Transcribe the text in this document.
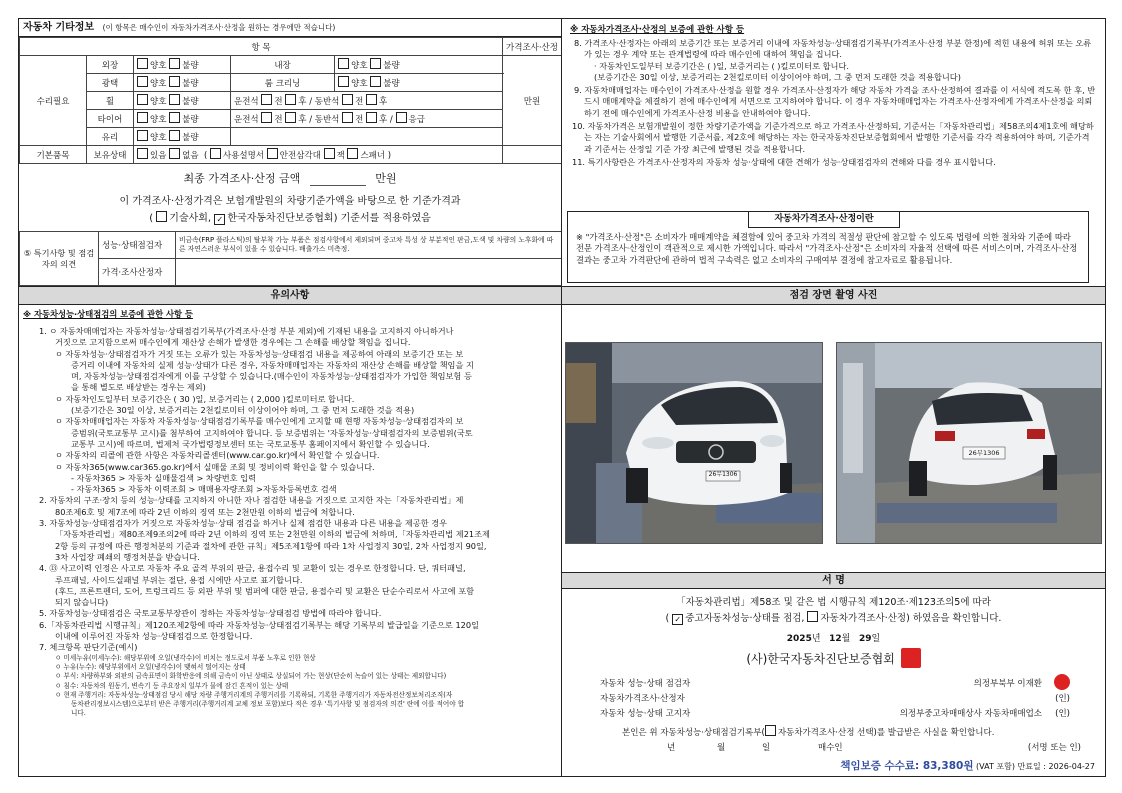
자동차 기타정보 (이 항목은 매수인이 자동차가격조사·산정을 원하는 경우에만 적습니다)
항 목					가격조사·산정
수리필요	외장	양호 불량	내장	양호 불량	만원
	광택	양호 불량	룸 크리닝	양호 불량	
	휠	양호 불량	운전석 전 후 / 동반석 전 후		
	타이어	양호 불량	운전석 전 후 / 동반석 전 후 / 응급		
	유리	양호 불량			
기본품목	보유상태	있음 없음  ( 사용설명서 안전삼각대 잭 스패너 )			
최종 가격조사·산정 금액	만원
이 가격조사·산정가격은 보험개발원의 차량기준가액을 바탕으로 한 기준가격과
( 기술사회, ✓ 한국자동차진단보증협회) 기준서를 적용하였음
⑤ 특기사항 및 점검자의 의견	성능·상태점검자	비금속(FRP 플라스틱)의 탈부착 가능 부품은 점검사항에서 제외되며 중고차 특성 상 부분적인 판금,도색 및 차량의 노후화에 따른 자연스러운 부식이 있을 수 있습니다. 배출가스 미측정.
	가격·조사산정자	
※ 자동차가격조사·산정의 보증에 관한 사항 등

8. 가격조사·산정자는 아래의 보증기간 또는 보증거리 이내에 자동차성능·상태점검기록부(가격조사·산정 부분 한정)에 적힌 내용에 허위 또는 오류가 있는 경우 계약 또는 관계법령에 따라 매수인에 대하여 책임을 집니다.

· 자동차인도일부터 보증기간은 ( )일, 보증거리는 ( )킬로미터로 합니다.

(보증기간은 30일 이상, 보증거리는 2천킬로미터 이상이어야 하며, 그 중 먼저 도래한 것을 적용합니다)

9. 자동차매매업자는 매수인이 가격조사·산정을 원할 경우 가격조사·산정자가 해당 자동차 가격을 조사·산정하여 결과를 이 서식에 적도록 한 후, 반드시 매매계약을 체결하기 전에 매수인에게 서면으로 고지하여야 합니다. 이 경우 자동차매매업자는 가격조사·산정자에게 가격조사·산정을 의뢰하기 전에 매수인에게 가격조사·산정 비용을 안내하여야 합니다.

10. 자동차가격은 보험개발원이 정한 차량기준가액을 기준가격으로 하고 가격조사·산정하되, 기준서는「자동차관리법」제58조의4제1호에 해당하는 자는 기술사회에서 발행한 기준서를, 제2호에 해당하는 자는 한국자동차진단보증협회에서 발행한 기준서를 각각 적용하여야 하며, 기준가격과 기준서는 산정일 기준 가장 최근에 발행된 것을 적용합니다.

11. 특기사항란은 가격조사·산정자의 자동차 성능·상태에 대한 견해가 성능·상태점검자의 견해와 다를 경우 표시합니다.

자동차가격조사·산정이란

※ "가격조사·산정"은 소비자가 매매계약을 체결함에 있어 중고차 가격의 적절성 판단에 참고할 수 있도록 법령에 의한 절차와 기준에 따라 전문 가격조사·산정인이 객관적으로 제시한 가액입니다. 따라서 "가격조사·산정"은 소비자의 자율적 선택에 따른 서비스이며, 가격조사·산정 결과는 중고차 가격판단에 관하여 법적 구속력은 없고 소비자의 구매여부 결정에 참고자료로 활용됩니다.

유의사항
※ 자동차성능·상태점검의 보증에 관한 사항 등

1. ㅇ 자동차매매업자는 자동차성능·상태점검기록부(가격조사·산정 부분 제외)에 기재된 내용을 고지하지 아니하거나

거짓으로 고지함으로써 매수인에게 재산상 손해가 발생한 경우에는 그 손해를 배상할 책임을 집니다.

ㅇ 자동차성능·상태점검자가 거짓 또는 오류가 있는 자동차성능·상태점검 내용을 제공하여 아래의 보증기간 또는 보

증거리 이내에 자동차의 실제 성능·상태가 다른 경우, 자동차매매업자는 자동차의 재산상 손해를 배상할 책임을 지

며, 자동차성능·상태점검자에게 이를 구상할 수 있습니다.(매수인이 자동차성능·상태점검자가 가입한 책임보험 등

을 통해 별도로 배상받는 경우는 제외)

ㅇ 자동차인도일부터 보증기간은 ( 30 )일, 보증거리는 ( 2,000 )킬로미터로 합니다.

(보증기간은 30일 이상, 보증거리는 2천킬로미터 이상이어야 하며, 그 중 먼저 도래한 것을 적용)

ㅇ 자동차매매업자는 자동차 자동차성능·상태점검기록부를 매수인에게 고지할 때 현행 자동차성능·상태점검자의 보

증범위(국토교통부 고시)를 첨부하여 고지하여야 합니다. 등 보증범위는 '자동차성능·상태점검자의 보증범위(국토

교통부 고시)에 따르며, 법제처 국가법령정보센터 또는 국토교통부 홈페이지에서 확인할 수 있습니다.

ㅇ 자동차의 리콜에 관한 사항은 자동차리콜센터(www.car.go.kr)에서 확인할 수 있습니다.

ㅇ 자동차365(www.car365.go.kr)에서 실매물 조회 및 정비이력 확인을 할 수 있습니다.

- 자동차365 > 자동차 실매물검색 > 차량번호 입력

- 자동차365 > 자동차 이력조회 > 매매용자량조회 >자동차등록번호 검색

2. 자동차의 구조·장치 등의 성능·상태를 고지하지 아니한 자나 점검한 내용을 거짓으로 고지한 자는「자동차관리법」제

80조제6호 및 제7조에 따라 2년 이하의 징역 또는 2천만원 이하의 벌금에 처합니다.

3. 자동차성능·상태점검자가 거짓으로 자동차성능·상태 점검을 하거나 실제 점검한 내용과 다른 내용을 제공한 경우

「자동차관리법」제80조제9조의2에 따라 2년 이하의 징역 또는 2천만원 이하의 벌금에 처하며,「자동차관리법 제21조제

2항 등의 규정에 따른 행정처분의 기준과 절차에 관한 규칙」제5조제1항에 따라 1차 사업정지 30일, 2차 사업정지 90일,

3차 사업장 폐쇄의 행정처분을 받습니다.

4. ⑬ 사고이력 인정은 사고로 자동차 주요 골격 부위의 판금, 용접수리 및 교환이 있는 경우로 한정합니다. 단, 쿼터패널,

루프패널, 사이드실패널 부위는 절단, 용접 시에만 사고로 표기합니다.

(후드, 프론트펜더, 도어, 트렁크리드 등 외판 부위 및 범퍼에 대한 판금, 용접수리 및 교환은 단순수리로서 사고에 포함

되지 않습니다)

5. 자동차성능·상태점검은 국토교통부장관이 정하는 자동차성능·상태점검 방법에 따라야 합니다.

6.「자동차관리법 시행규칙」제120조제2항에 따라 자동차성능·상태점검기록부는 해당 기록부의 발급일을 기준으로 120일

이내에 이루어진 자동차 성능·상태점검으로 한정합니다.

7. 체크항목 판단기준(예시)

ㅇ 미세누유(미세누수): 해당부위에 오일(냉각수)이 비치는 정도로서 부품 노후로 인한 현상

ㅇ 누유(누수): 해당부위에서 오일(냉각수)이 맺혀서 떨어지는 상태

ㅇ 부식: 차량하부와 외판의 금속표면이 화학반응에 의해 금속이 아닌 상태로 상실되어 가는 현상(단순히 녹슬어 있는 상태는 제외합니다)

ㅇ 침수: 자동차의 원동기, 변속기 등 주요장치 일부가 물에 잠긴 흔적이 있는 상태

ㅇ 현재 주행거리: 자동차성능·상태점검 당시 해당 차량 주행거리계의 주행거리를 기록하되, 기록한 주행거리가 자동차전산정보처리조직(자

동차관리정보시스템)으로부터 받은 주행거리(주행거리계 교체 정보 포함)보다 적은 경우 '특기사항 및 점검자의 의견' 란에 이를 적어야 합

니다.

점검 장면 촬영 사진
26무1306
26무1306
서 명
「자동차관리법」제58조 및 같은 법 시행규칙 제120조·제123조의5에 따라
( ✓ 중고자동차성능·상태를 점검, 자동차가격조사·산정) 하였음을 확인합니다.
2025년 12월 29일
(사)한국자동차진단보증협회
자동차 성능·상태 점검자	의정부북부 이재환
자동차가격조사·산정자	(인)
자동차 성능·상태 고지자	의정부중고차매매상사 자동차매매업소 (인)
본인은 위 자동차성능·상태점검기록부( 자동차가격조사·산정 선택)를 발급받은 사실을 확인합니다.
년	월	일	매수인	(서명 또는 인)
책임보증 수수료: 83,380원 (VAT 포함) 만료일 : 2026-04-27
